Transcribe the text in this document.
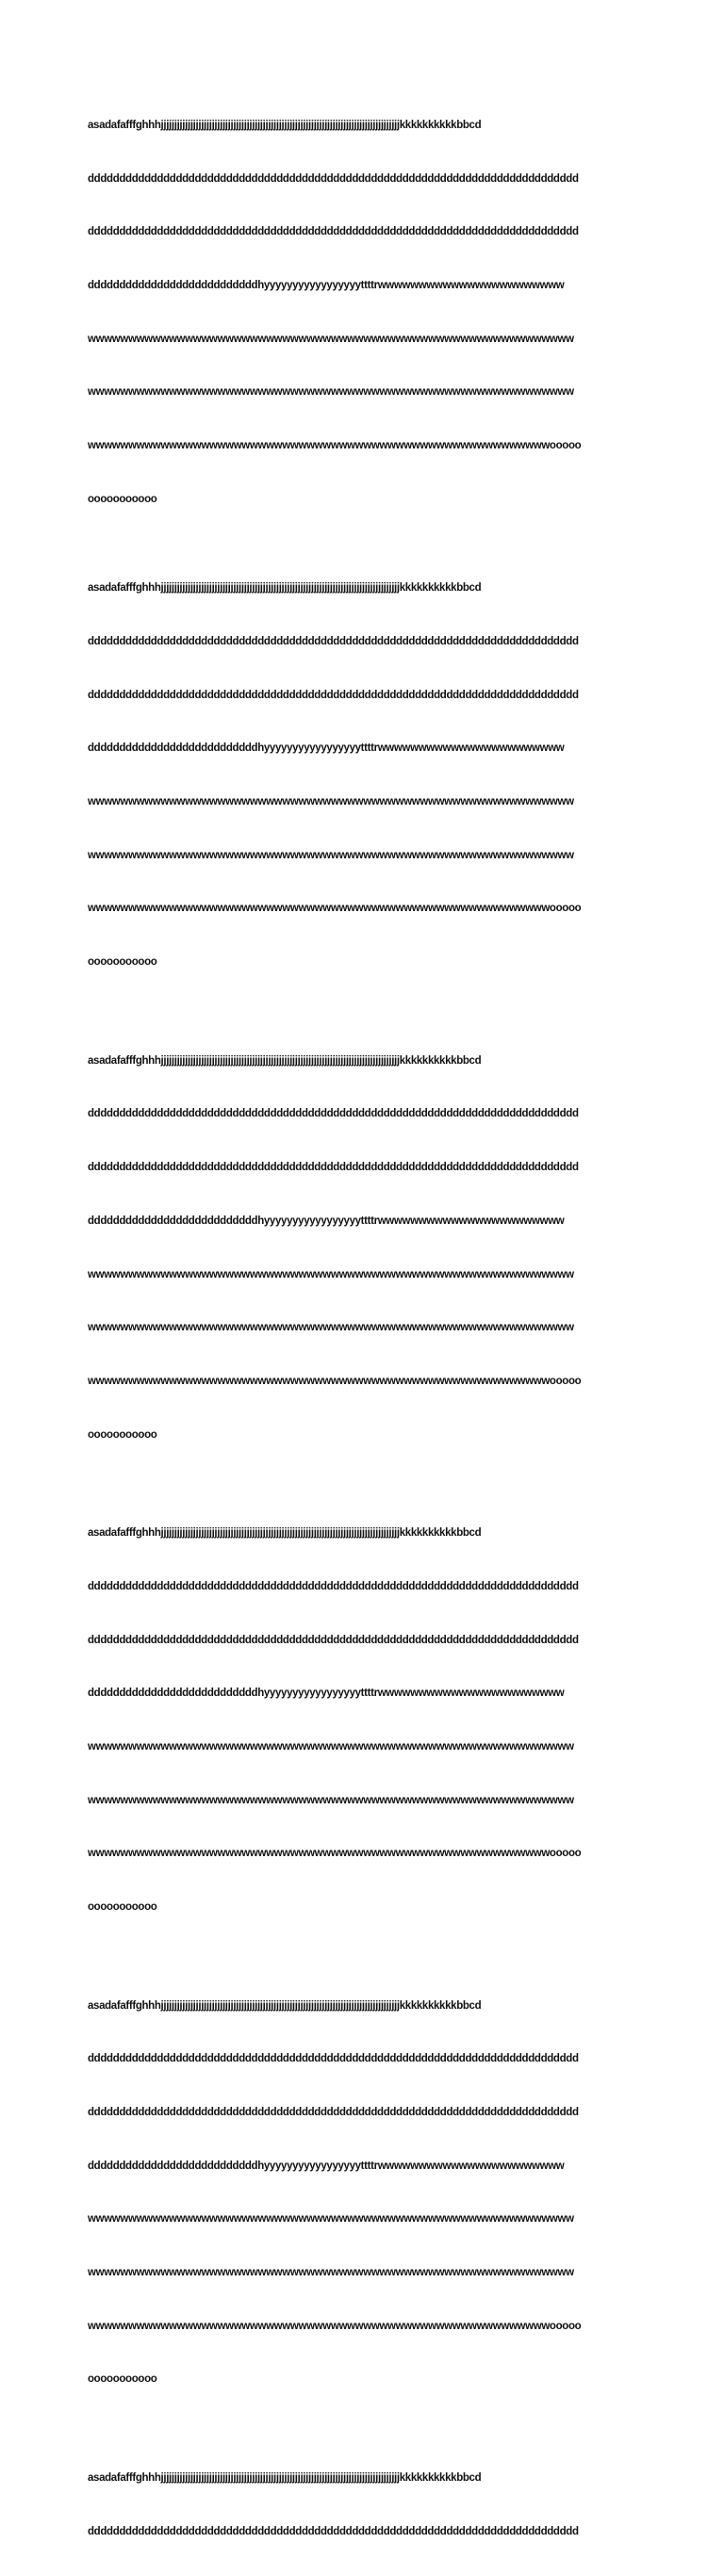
asadafafffghhhjjjjjjjjjjjjjjjjjjjjjjjjjjjjjjjjjjjjjjjjjjjjjjjjjjjjjjjjjjjjjjjjjjjjjjjjjjjjjjjjjjjjjjjjjkkkkkkkkkkbbcd

dddddddddddddddddddddddddddddddddddddddddddddddddddddddddddddddddddddddddddddd

dddddddddddddddddddddddddddddddddddddddddddddddddddddddddddddddddddddddddddddd

dddddddddddddddddddddddddddhyyyyyyyyyyyyyyyyyttttrwwwwwwwwwwwwwwwwwwwwwww

wwwwwwwwwwwwwwwwwwwwwwwwwwwwwwwwwwwwwwwwwwwwwwwwwwwwwwwwwwww

wwwwwwwwwwwwwwwwwwwwwwwwwwwwwwwwwwwwwwwwwwwwwwwwwwwwwwwwwwww

wwwwwwwwwwwwwwwwwwwwwwwwwwwwwwwwwwwwwwwwwwwwwwwwwwwwwwwwwooooo

ooooooooooo

asadafafffghhhjjjjjjjjjjjjjjjjjjjjjjjjjjjjjjjjjjjjjjjjjjjjjjjjjjjjjjjjjjjjjjjjjjjjjjjjjjjjjjjjjjjjjjjjjkkkkkkkkkkbbcd

dddddddddddddddddddddddddddddddddddddddddddddddddddddddddddddddddddddddddddddd

dddddddddddddddddddddddddddddddddddddddddddddddddddddddddddddddddddddddddddddd

dddddddddddddddddddddddddddhyyyyyyyyyyyyyyyyyttttrwwwwwwwwwwwwwwwwwwwwwww

wwwwwwwwwwwwwwwwwwwwwwwwwwwwwwwwwwwwwwwwwwwwwwwwwwwwwwwwwwww

wwwwwwwwwwwwwwwwwwwwwwwwwwwwwwwwwwwwwwwwwwwwwwwwwwwwwwwwwwww

wwwwwwwwwwwwwwwwwwwwwwwwwwwwwwwwwwwwwwwwwwwwwwwwwwwwwwwwwooooo

ooooooooooo

asadafafffghhhjjjjjjjjjjjjjjjjjjjjjjjjjjjjjjjjjjjjjjjjjjjjjjjjjjjjjjjjjjjjjjjjjjjjjjjjjjjjjjjjjjjjjjjjjkkkkkkkkkkbbcd

dddddddddddddddddddddddddddddddddddddddddddddddddddddddddddddddddddddddddddddd

dddddddddddddddddddddddddddddddddddddddddddddddddddddddddddddddddddddddddddddd

dddddddddddddddddddddddddddhyyyyyyyyyyyyyyyyyttttrwwwwwwwwwwwwwwwwwwwwwww

wwwwwwwwwwwwwwwwwwwwwwwwwwwwwwwwwwwwwwwwwwwwwwwwwwwwwwwwwwww

wwwwwwwwwwwwwwwwwwwwwwwwwwwwwwwwwwwwwwwwwwwwwwwwwwwwwwwwwwww

wwwwwwwwwwwwwwwwwwwwwwwwwwwwwwwwwwwwwwwwwwwwwwwwwwwwwwwwwooooo

ooooooooooo

asadafafffghhhjjjjjjjjjjjjjjjjjjjjjjjjjjjjjjjjjjjjjjjjjjjjjjjjjjjjjjjjjjjjjjjjjjjjjjjjjjjjjjjjjjjjjjjjjkkkkkkkkkkbbcd

dddddddddddddddddddddddddddddddddddddddddddddddddddddddddddddddddddddddddddddd

dddddddddddddddddddddddddddddddddddddddddddddddddddddddddddddddddddddddddddddd

dddddddddddddddddddddddddddhyyyyyyyyyyyyyyyyyttttrwwwwwwwwwwwwwwwwwwwwwww

wwwwwwwwwwwwwwwwwwwwwwwwwwwwwwwwwwwwwwwwwwwwwwwwwwwwwwwwwwww

wwwwwwwwwwwwwwwwwwwwwwwwwwwwwwwwwwwwwwwwwwwwwwwwwwwwwwwwwwww

wwwwwwwwwwwwwwwwwwwwwwwwwwwwwwwwwwwwwwwwwwwwwwwwwwwwwwwwwooooo

ooooooooooo

asadafafffghhhjjjjjjjjjjjjjjjjjjjjjjjjjjjjjjjjjjjjjjjjjjjjjjjjjjjjjjjjjjjjjjjjjjjjjjjjjjjjjjjjjjjjjjjjjkkkkkkkkkkbbcd

dddddddddddddddddddddddddddddddddddddddddddddddddddddddddddddddddddddddddddddd

dddddddddddddddddddddddddddddddddddddddddddddddddddddddddddddddddddddddddddddd

dddddddddddddddddddddddddddhyyyyyyyyyyyyyyyyyttttrwwwwwwwwwwwwwwwwwwwwwww

wwwwwwwwwwwwwwwwwwwwwwwwwwwwwwwwwwwwwwwwwwwwwwwwwwwwwwwwwwww

wwwwwwwwwwwwwwwwwwwwwwwwwwwwwwwwwwwwwwwwwwwwwwwwwwwwwwwwwwww

wwwwwwwwwwwwwwwwwwwwwwwwwwwwwwwwwwwwwwwwwwwwwwwwwwwwwwwwwooooo

ooooooooooo

asadafafffghhhjjjjjjjjjjjjjjjjjjjjjjjjjjjjjjjjjjjjjjjjjjjjjjjjjjjjjjjjjjjjjjjjjjjjjjjjjjjjjjjjjjjjjjjjjkkkkkkkkkkbbcd

dddddddddddddddddddddddddddddddddddddddddddddddddddddddddddddddddddddddddddddd
